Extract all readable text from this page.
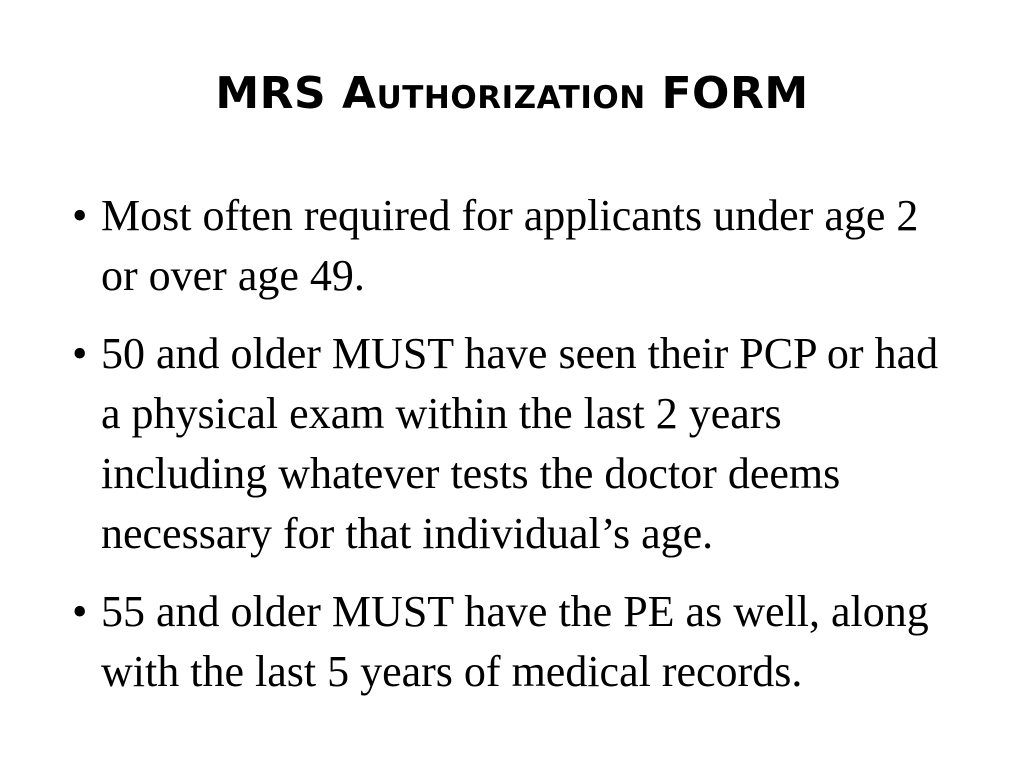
MRS Authorization FORM
• Most often required for applicants under age 2 or over age 49.
• 50 and older MUST have seen their PCP or had a physical exam within the last 2 years including whatever tests the doctor deems necessary for that individual’s age.
• 55 and older MUST have the PE as well, along with the last 5 years of medical records.
